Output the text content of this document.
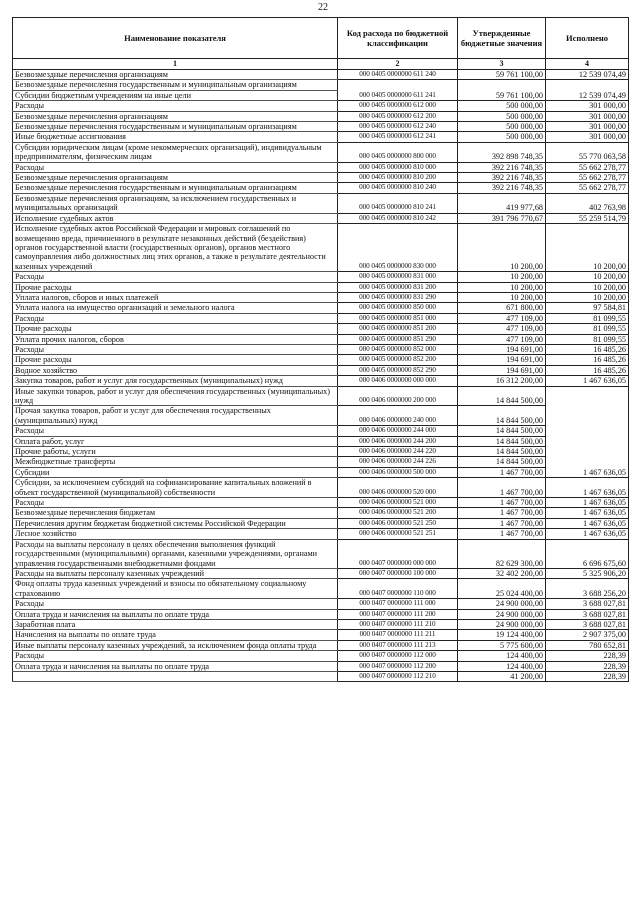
22
Наименование показателя	Код расхода по бюджетной классификации	Утвержденные бюджетные значения	Исполнено
1	2	3	4
Безвозмездные перечисления организациям	000 0405 0000000 611 240	59 761 100,00	12 539 074,49
Безвозмездные перечисления государственным и муниципальным организациям			
Субсидии бюджетным учреждениям на иные цели	000 0405 0000000 611 241	59 761 100,00	12 539 074,49
Расходы	000 0405 0000000 612 000	500 000,00	301 000,00
Безвозмездные перечисления организациям	000 0405 0000000 612 200	500 000,00	301 000,00
Безвозмездные перечисления государственным и муниципальным организациям	000 0405 0000000 612 240	500 000,00	301 000,00
Иные бюджетные ассигнования	000 0405 0000000 612 241	500 000,00	301 000,00
Субсидии юридическим лицам (кроме некоммерческих организаций), индивидуальным предпринимателям, физическим лицам	000 0405 0000000 800 000	392 898 748,35	55 770 063,58
Расходы	000 0405 0000000 810 000	392 216 748,35	55 662 278,77
Безвозмездные перечисления организациям	000 0405 0000000 810 200	392 216 748,35	55 662 278,77
Безвозмездные перечисления государственным и муниципальным организациям	000 0405 0000000 810 240	392 216 748,35	55 662 278,77
Безвозмездные перечисления организациям, за исключением государственных и муниципальных организаций	000 0405 0000000 810 241	419 977,68	402 763,98
Исполнение судебных актов	000 0405 0000000 810 242	391 796 770,67	55 259 514,79
Исполнение судебных актов Российской Федерации и мировых соглашений по возмещению вреда, причиненного в результате незаконных действий (бездействия) органов государственной власти (государственных органов), органов местного самоуправления либо должностных лиц этих органов, а также в результате деятельности казенных учреждений	000 0405 0000000 830 000	10 200,00	10 200,00
Расходы	000 0405 0000000 831 000	10 200,00	10 200,00
Прочие расходы	000 0405 0000000 831 200	10 200,00	10 200,00
Уплата налогов, сборов и иных платежей	000 0405 0000000 831 290	10 200,00	10 200,00
Уплата налога на имущество организаций и земельного налога	000 0405 0000000 850 000	671 800,00	97 584,81
Расходы	000 0405 0000000 851 000	477 109,00	81 099,55
Прочие расходы	000 0405 0000000 851 200	477 109,00	81 099,55
Уплата прочих налогов, сборов	000 0405 0000000 851 290	477 109,00	81 099,55
Расходы	000 0405 0000000 852 000	194 691,00	16 485,26
Прочие расходы	000 0405 0000000 852 200	194 691,00	16 485,26
Водное хозяйство	000 0405 0000000 852 290	194 691,00	16 485,26
Закупка товаров, работ и услуг для государственных (муниципальных) нужд	000 0406 0000000 000 000	16 312 200,00	1 467 636,05
Иные закупки товаров, работ и услуг для обеспечения государственных (муниципальных) нужд	000 0406 0000000 200 000	14 844 500,00	
Прочая закупка товаров, работ и услуг для обеспечения государственных (муниципальных) нужд	000 0406 0000000 240 000	14 844 500,00	
Расходы	000 0406 0000000 244 000	14 844 500,00	
Оплата работ, услуг	000 0406 0000000 244 200	14 844 500,00	
Прочие работы, услуги	000 0406 0000000 244 220	14 844 500,00	
Межбюджетные трансферты	000 0406 0000000 244 226	14 844 500,00	
Субсидии	000 0406 0000000 500 000	1 467 700,00	1 467 636,05
Субсидии, за исключением субсидий на софинансирование капитальных вложений в объект государственной (муниципальной) собственности	000 0406 0000000 520 000	1 467 700,00	1 467 636,05
Расходы	000 0406 0000000 521 000	1 467 700,00	1 467 636,05
Безвозмездные перечисления бюджетам	000 0406 0000000 521 200	1 467 700,00	1 467 636,05
Перечисления другим бюджетам бюджетной системы Российской Федерации	000 0406 0000000 521 250	1 467 700,00	1 467 636,05
Лесное хозяйство	000 0406 0000000 521 251	1 467 700,00	1 467 636,05
Расходы на выплаты персоналу в целях обеспечения выполнения функций государственными (муниципальными) органами, казенными учреждениями, органами управления государственными внебюджетными фондами	000 0407 0000000 000 000	82 629 300,00	6 696 675,60
Расходы на выплаты персоналу казенных учреждений	000 0407 0000000 100 000	32 402 200,00	5 325 906,20
Фонд оплаты труда казенных учреждений и взносы по обязательному социальному страхованию	000 0407 0000000 110 000	25 024 400,00	3 688 256,20
Расходы	000 0407 0000000 111 000	24 900 000,00	3 688 027,81
Оплата труда и начисления на выплаты по оплате труда	000 0407 0000000 111 200	24 900 000,00	3 688 027,81
Заработная плата	000 0407 0000000 111 210	24 900 000,00	3 688 027,81
Начисления на выплаты по оплате труда	000 0407 0000000 111 211	19 124 400,00	2 907 375,00
Иные выплаты персоналу казенных учреждений, за исключением фонда оплаты труда	000 0407 0000000 111 213	5 775 600,00	780 652,81
Расходы	000 0407 0000000 112 000	124 400,00	228,39
Оплата труда и начисления на выплаты по оплате труда	000 0407 0000000 112 200	124 400,00	228,39
	000 0407 0000000 112 210	41 200,00	228,39
